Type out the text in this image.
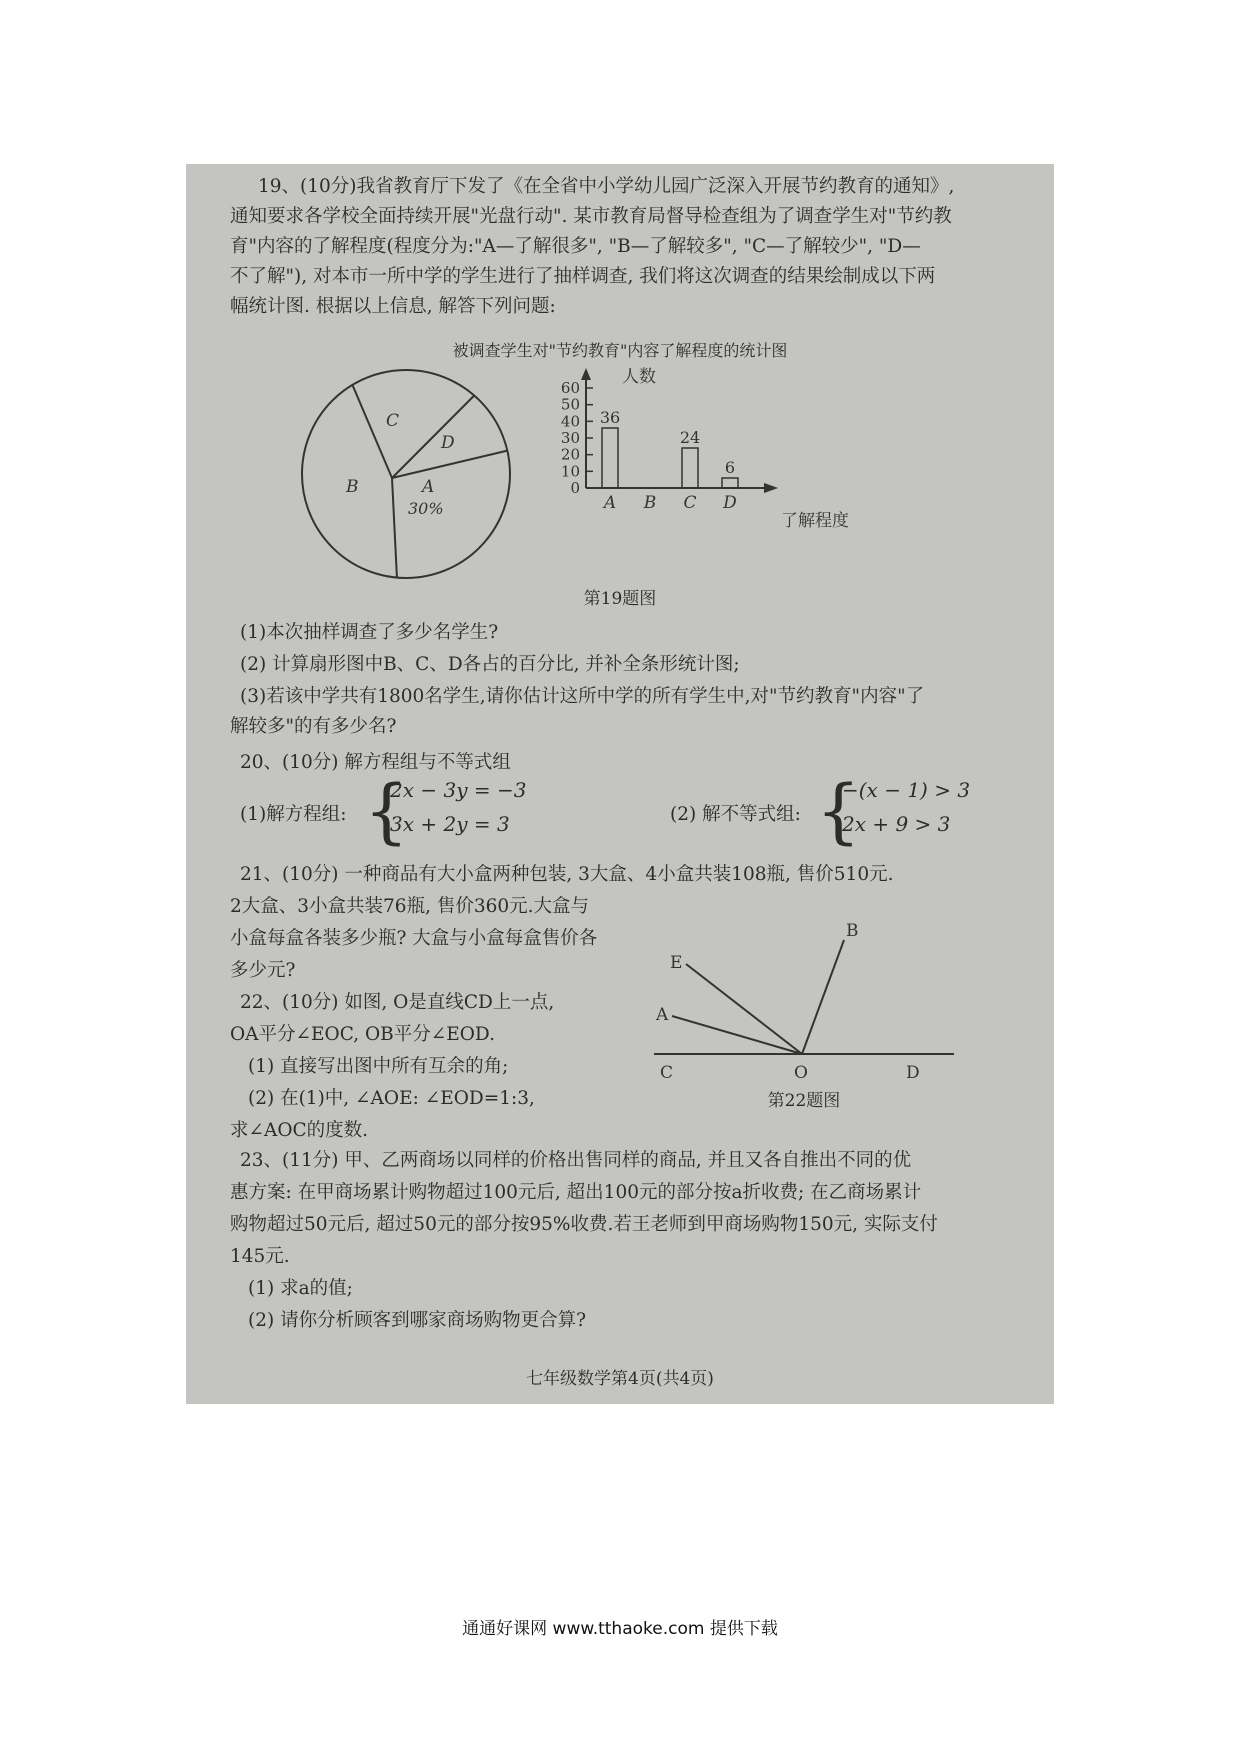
19、(10分)我省教育厅下发了《在全省中小学幼儿园广泛深入开展节约教育的通知》,
通知要求各学校全面持续开展"光盘行动". 某市教育局督导检查组为了调查学生对"节约教
育"内容的了解程度(程度分为:"A—了解很多", "B—了解较多", "C—了解较少", "D—
不了解"), 对本市一所中学的学生进行了抽样调查, 我们将这次调查的结果绘制成以下两
幅统计图. 根据以上信息, 解答下列问题:
被调查学生对"节约教育"内容了解程度的统计图
C
D
B	A
30%
0
10
20
30
40
50
60
36
A B
24
C
6
D
人数
了解程度
第19题图
(1)本次抽样调查了多少名学生?
(2) 计算扇形图中B、C、D各占的百分比, 并补全条形统计图;
(3)若该中学共有1800名学生,请你估计这所中学的所有学生中,对"节约教育"内容"了
解较多"的有多少名?
20、(10分) 解方程组与不等式组
(1)解方程组: {
2x − 3y = −3
3x + 2y = 3	(2) 解不等式组: {
−(x − 1) > 3
2x + 9 > 3
21、(10分) 一种商品有大小盒两种包装, 3大盒、4小盒共装108瓶, 售价510元.
2大盒、3小盒共装76瓶, 售价360元.大盒与
小盒每盒各装多少瓶? 大盒与小盒每盒售价各
多少元?
22、(10分) 如图, O是直线CD上一点,
OA平分∠EOC, OB平分∠EOD.
(1) 直接写出图中所有互余的角;
(2) 在(1)中, ∠AOE: ∠EOD=1:3,
求∠AOC的度数.
E
A
B
C	O	D
第22题图
23、(11分) 甲、乙两商场以同样的价格出售同样的商品, 并且又各自推出不同的优
惠方案: 在甲商场累计购物超过100元后, 超出100元的部分按a折收费; 在乙商场累计
购物超过50元后, 超过50元的部分按95%收费.若王老师到甲商场购物150元, 实际支付
145元.
(1) 求a的值;
(2) 请你分析顾客到哪家商场购物更合算?
七年级数学第4页(共4页)
通通好课网 www.tthaoke.com 提供下载
